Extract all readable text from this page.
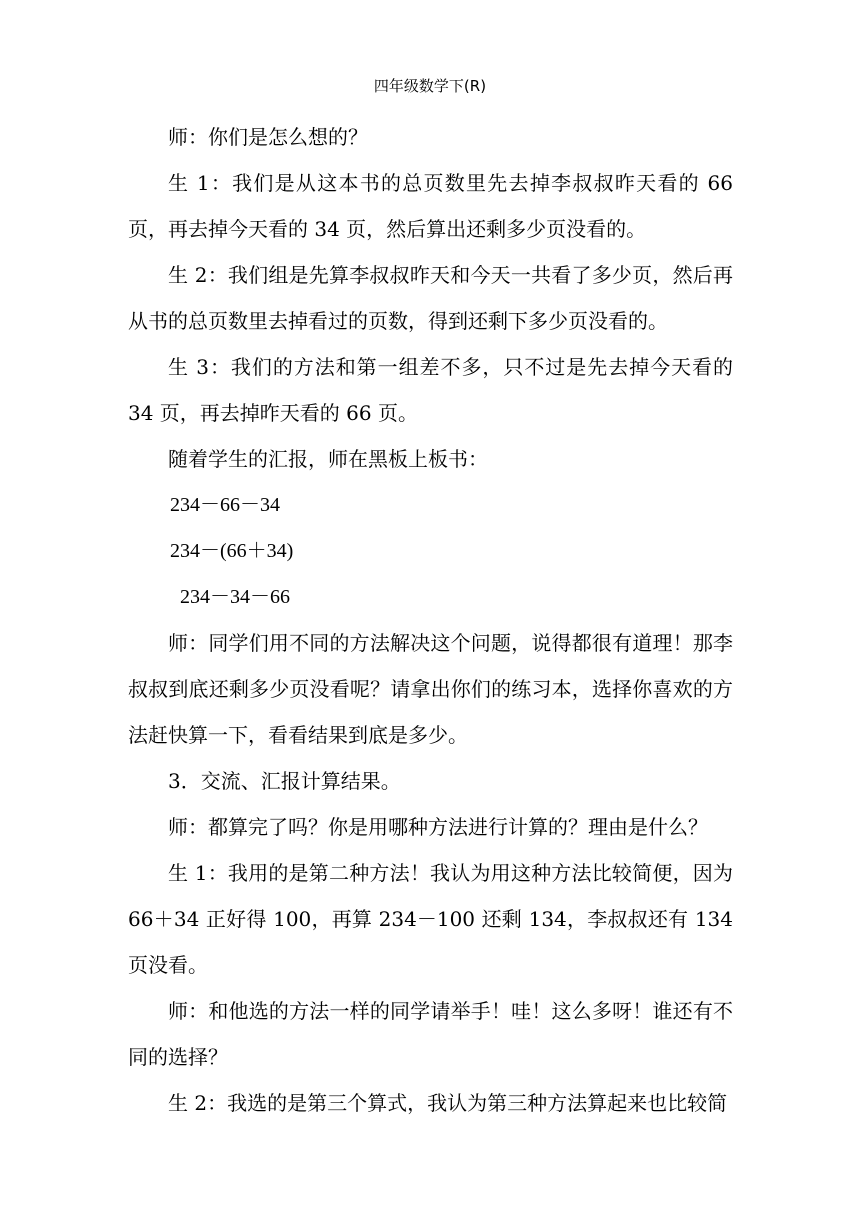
四年级数学下(R)

师：你们是怎么想的？

生 1：我们是从这本书的总页数里先去掉李叔叔昨天看的 66 页，再去掉今天看的 34 页，然后算出还剩多少页没看的。

生 2：我们组是先算李叔叔昨天和今天一共看了多少页，然后再从书的总页数里去掉看过的页数，得到还剩下多少页没看的。

生 3：我们的方法和第一组差不多，只不过是先去掉今天看的 34 页，再去掉昨天看的 66 页。

随着学生的汇报，师在黑板上板书：

234－66－34

234－(66＋34)

234－34－66

师：同学们用不同的方法解决这个问题，说得都很有道理！那李叔叔到底还剩多少页没看呢？请拿出你们的练习本，选择你喜欢的方法赶快算一下，看看结果到底是多少。

3．交流、汇报计算结果。

师：都算完了吗？你是用哪种方法进行计算的？理由是什么？

生 1：我用的是第二种方法！我认为用这种方法比较简便，因为 66＋34 正好得 100，再算 234－100 还剩 134，李叔叔还有 134 页没看。

师：和他选的方法一样的同学请举手！哇！这么多呀！谁还有不同的选择？

生 2：我选的是第三个算式，我认为第三种方法算起来也比较简
